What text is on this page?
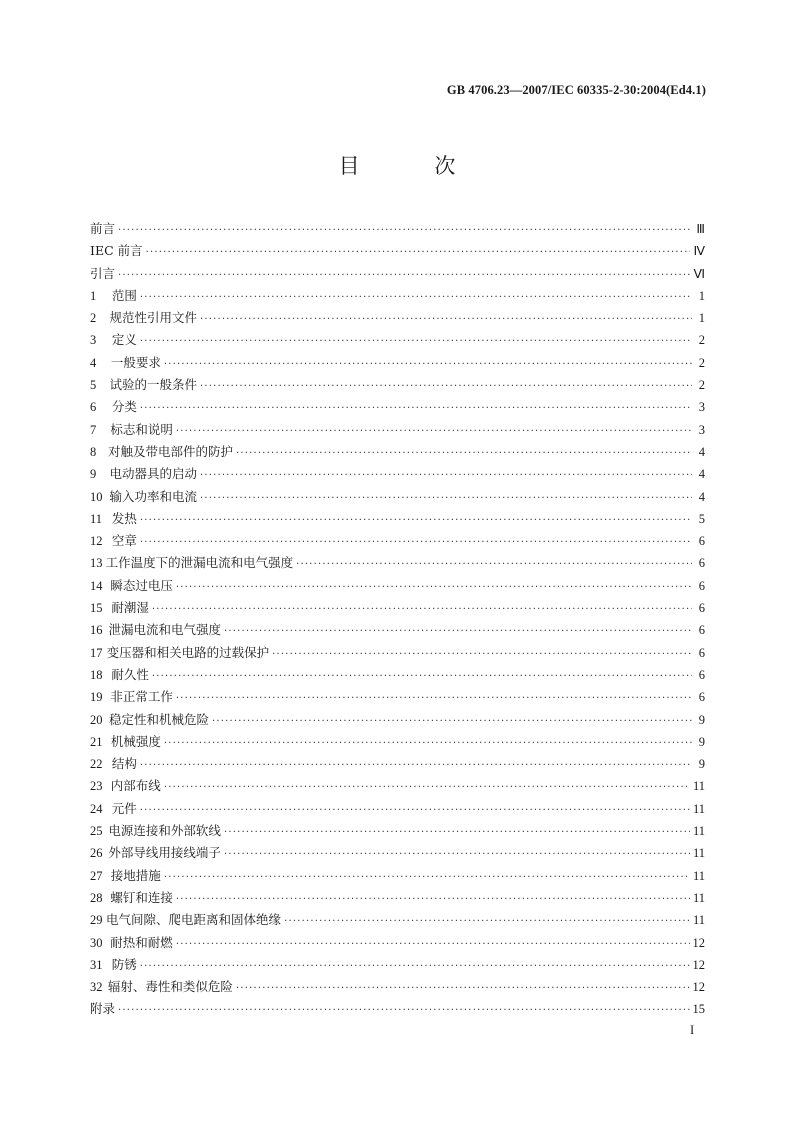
GB 4706.23—2007/IEC 60335-2-30:2004(Ed4.1)
目 次
前言 ·····	Ⅲ
IEC 前言 ·····	Ⅳ
引言 ·····	Ⅵ
1	范围 ·····	1
2	规范性引用文件 ·····	1
3	定义 ·····	2
4	一般要求 ·····	2
5	试验的一般条件 ·····	2
6	分类 ·····	3
7	标志和说明 ·····	3
8 对触及带电部件的防护 ·····	4
9	电动器具的启动 ·····	4
10 输入功率和电流 ·····	4
11 发热 ·····	5
12 空章 ·····	6
13 工作温度下的泄漏电流和电气强度 ·····	6
14 瞬态过电压 ·····	6
15 耐潮湿 ·····	6
16 泄漏电流和电气强度 ·····	6
17 变压器和相关电路的过载保护 ·····	6
18 耐久性 ·····	6
19 非正常工作 ·····	6
20 稳定性和机械危险 ·····	9
21 机械强度 ·····	9
22 结构 ·····	9
23 内部布线 ·····	11
24 元件 ·····	11
25 电源连接和外部软线 ·····	11
26 外部导线用接线端子 ·····	11
27 接地措施 ·····	11
28 螺钉和连接 ·····	11
29 电气间隙、爬电距离和固体绝缘 ·····	11
30 耐热和耐燃 ·····	12
31 防锈 ·····	12
32 辐射、毒性和类似危险 ·····	12
附录 ·····	15
I
